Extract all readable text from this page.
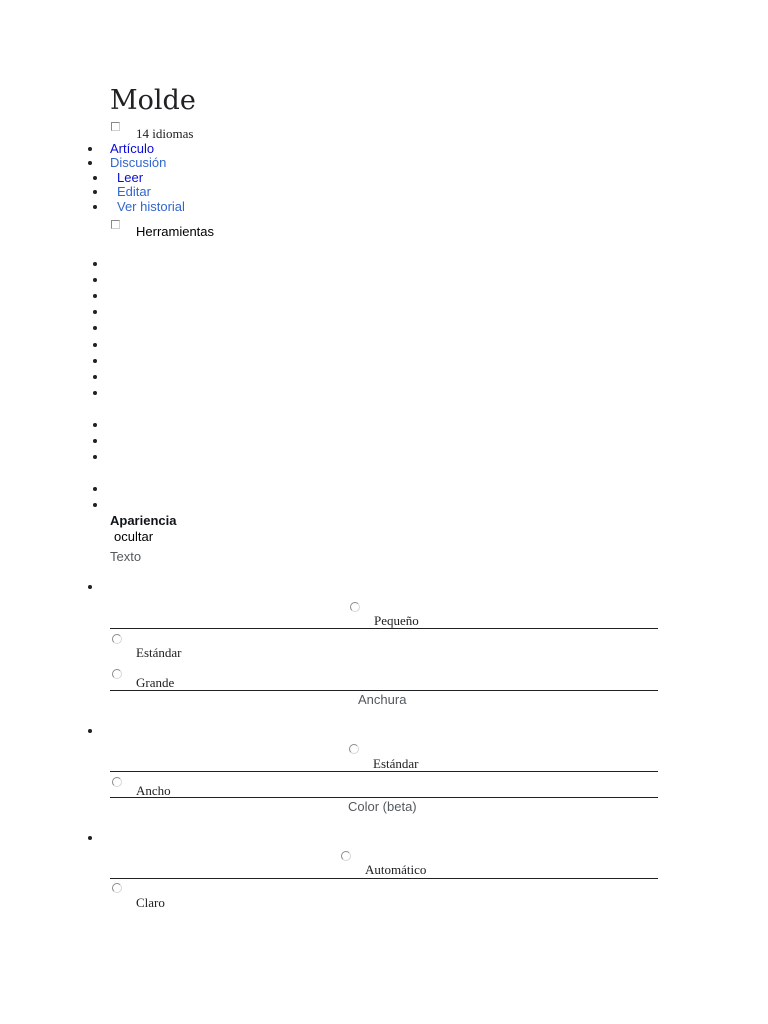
Molde
14 idiomas
Artículo
Discusión
Leer
Editar
Ver historial
Herramientas
Apariencia
ocultar
Texto
Pequeño
Estándar
Grande
Anchura
Estándar
Ancho
Color (beta)
Automático
Claro
